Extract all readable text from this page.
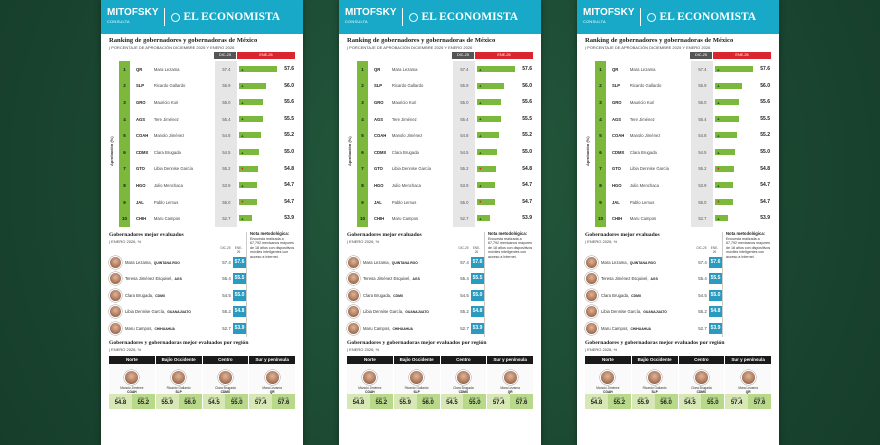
MITOFSKY
CONSULTA	EL ECONOMISTA
Ranking de gobernadores y gobernadoras de México
| PORCENTAJE DE APROBACIÓN DICIEMBRE 2025 Y ENERO 2026
Aprobación (%)
DIC-25	ENE-26
1	QR	Mara Lezama	57.4	▲	57.6
2	SLP	Ricardo Gallardo	55.9	▲	56.0
3	GRO	Mauricio Kuri	55.0	▲	55.6
4	AGS	Tere Jiménez	55.4	▲	55.5
5	COAH	Manolo Jiménez	54.8	▲	55.2
6	CDMX	Clara Brugada	54.5	▲	55.0
7	GTO	Libia Dennise García	55.2	▼	54.8
8	HGO	Julio Menchaca	53.9	▲	54.7
9	JAL	Pablo Lemus	55.0	▼	54.7
10	CHIH	Maru Campos	52.7	▲	53.9
Gobernadores mejor evaluados
| ENERO 2026, %
DIC-25	ENE-26
Mara Lezama, QUINTANA ROO	57.4 57.6
Teresa Jiménez Esquivel, AGS	55.4 55.5
Clara Brugada, CDMX	54.5 55.0
Libia Dennise García, GUANAJUATO	55.2 54.8
Maru Campos, CHIHUAHUA	52.7 53.9
Nota metodológica:
Encuesta realizada a 67,792 mexicanos mayores de 18 años con dispositivos móviles inteligentes con acceso a Internet.
Gobernadores y gobernadoras mejor evaluados por región
| ENERO 2026, %
Norte
Manolo Jiménez
COAH
DIC-25
54.8
ENE-26
55.2
Bajío Occidente
Ricardo Gallardo
SLP
DIC-25
55.9
ENE-26
56.0
Centro
Clara Brugada
CDMX
DIC-25
54.5
ENE-26
55.0
Sur y península
Mara Lezama
QR
DIC-25
57.4
ENE-26
57.6
MITOFSKY
CONSULTA	EL ECONOMISTA
Ranking de gobernadores y gobernadoras de México
| PORCENTAJE DE APROBACIÓN DICIEMBRE 2025 Y ENERO 2026
Aprobación (%)
DIC-25	ENE-26
1	QR	Mara Lezama	57.4	▲	57.6
2	SLP	Ricardo Gallardo	55.9	▲	56.0
3	GRO	Mauricio Kuri	55.0	▲	55.6
4	AGS	Tere Jiménez	55.4	▲	55.5
5	COAH	Manolo Jiménez	54.8	▲	55.2
6	CDMX	Clara Brugada	54.5	▲	55.0
7	GTO	Libia Dennise García	55.2	▼	54.8
8	HGO	Julio Menchaca	53.9	▲	54.7
9	JAL	Pablo Lemus	55.0	▼	54.7
10	CHIH	Maru Campos	52.7	▲	53.9
Gobernadores mejor evaluados
| ENERO 2026, %
DIC-25	ENE-26
Mara Lezama, QUINTANA ROO	57.4 57.6
Teresa Jiménez Esquivel, AGS	55.4 55.5
Clara Brugada, CDMX	54.5 55.0
Libia Dennise García, GUANAJUATO	55.2 54.8
Maru Campos, CHIHUAHUA	52.7 53.9
Nota metodológica:
Encuesta realizada a 67,792 mexicanos mayores de 18 años con dispositivos móviles inteligentes con acceso a Internet.
Gobernadores y gobernadoras mejor evaluados por región
| ENERO 2026, %
Norte
Manolo Jiménez
COAH
DIC-25
54.8
ENE-26
55.2
Bajío Occidente
Ricardo Gallardo
SLP
DIC-25
55.9
ENE-26
56.0
Centro
Clara Brugada
CDMX
DIC-25
54.5
ENE-26
55.0
Sur y península
Mara Lezama
QR
DIC-25
57.4
ENE-26
57.6
MITOFSKY
CONSULTA	EL ECONOMISTA
Ranking de gobernadores y gobernadoras de México
| PORCENTAJE DE APROBACIÓN DICIEMBRE 2025 Y ENERO 2026
Aprobación (%)
DIC-25	ENE-26
1	QR	Mara Lezama	57.4	▲	57.6
2	SLP	Ricardo Gallardo	55.9	▲	56.0
3	GRO	Mauricio Kuri	55.0	▲	55.6
4	AGS	Tere Jiménez	55.4	▲	55.5
5	COAH	Manolo Jiménez	54.8	▲	55.2
6	CDMX	Clara Brugada	54.5	▲	55.0
7	GTO	Libia Dennise García	55.2	▼	54.8
8	HGO	Julio Menchaca	53.9	▲	54.7
9	JAL	Pablo Lemus	55.0	▼	54.7
10	CHIH	Maru Campos	52.7	▲	53.9
Gobernadores mejor evaluados
| ENERO 2026, %
DIC-25	ENE-26
Mara Lezama, QUINTANA ROO	57.4 57.6
Teresa Jiménez Esquivel, AGS	55.4 55.5
Clara Brugada, CDMX	54.5 55.0
Libia Dennise García, GUANAJUATO	55.2 54.8
Maru Campos, CHIHUAHUA	52.7 53.9
Nota metodológica:
Encuesta realizada a 67,792 mexicanos mayores de 18 años con dispositivos móviles inteligentes con acceso a Internet.
Gobernadores y gobernadoras mejor evaluados por región
| ENERO 2026, %
Norte
Manolo Jiménez
COAH
DIC-25
54.8
ENE-26
55.2
Bajío Occidente
Ricardo Gallardo
SLP
DIC-25
55.9
ENE-26
56.0
Centro
Clara Brugada
CDMX
DIC-25
54.5
ENE-26
55.0
Sur y península
Mara Lezama
QR
DIC-25
57.4
ENE-26
57.6
